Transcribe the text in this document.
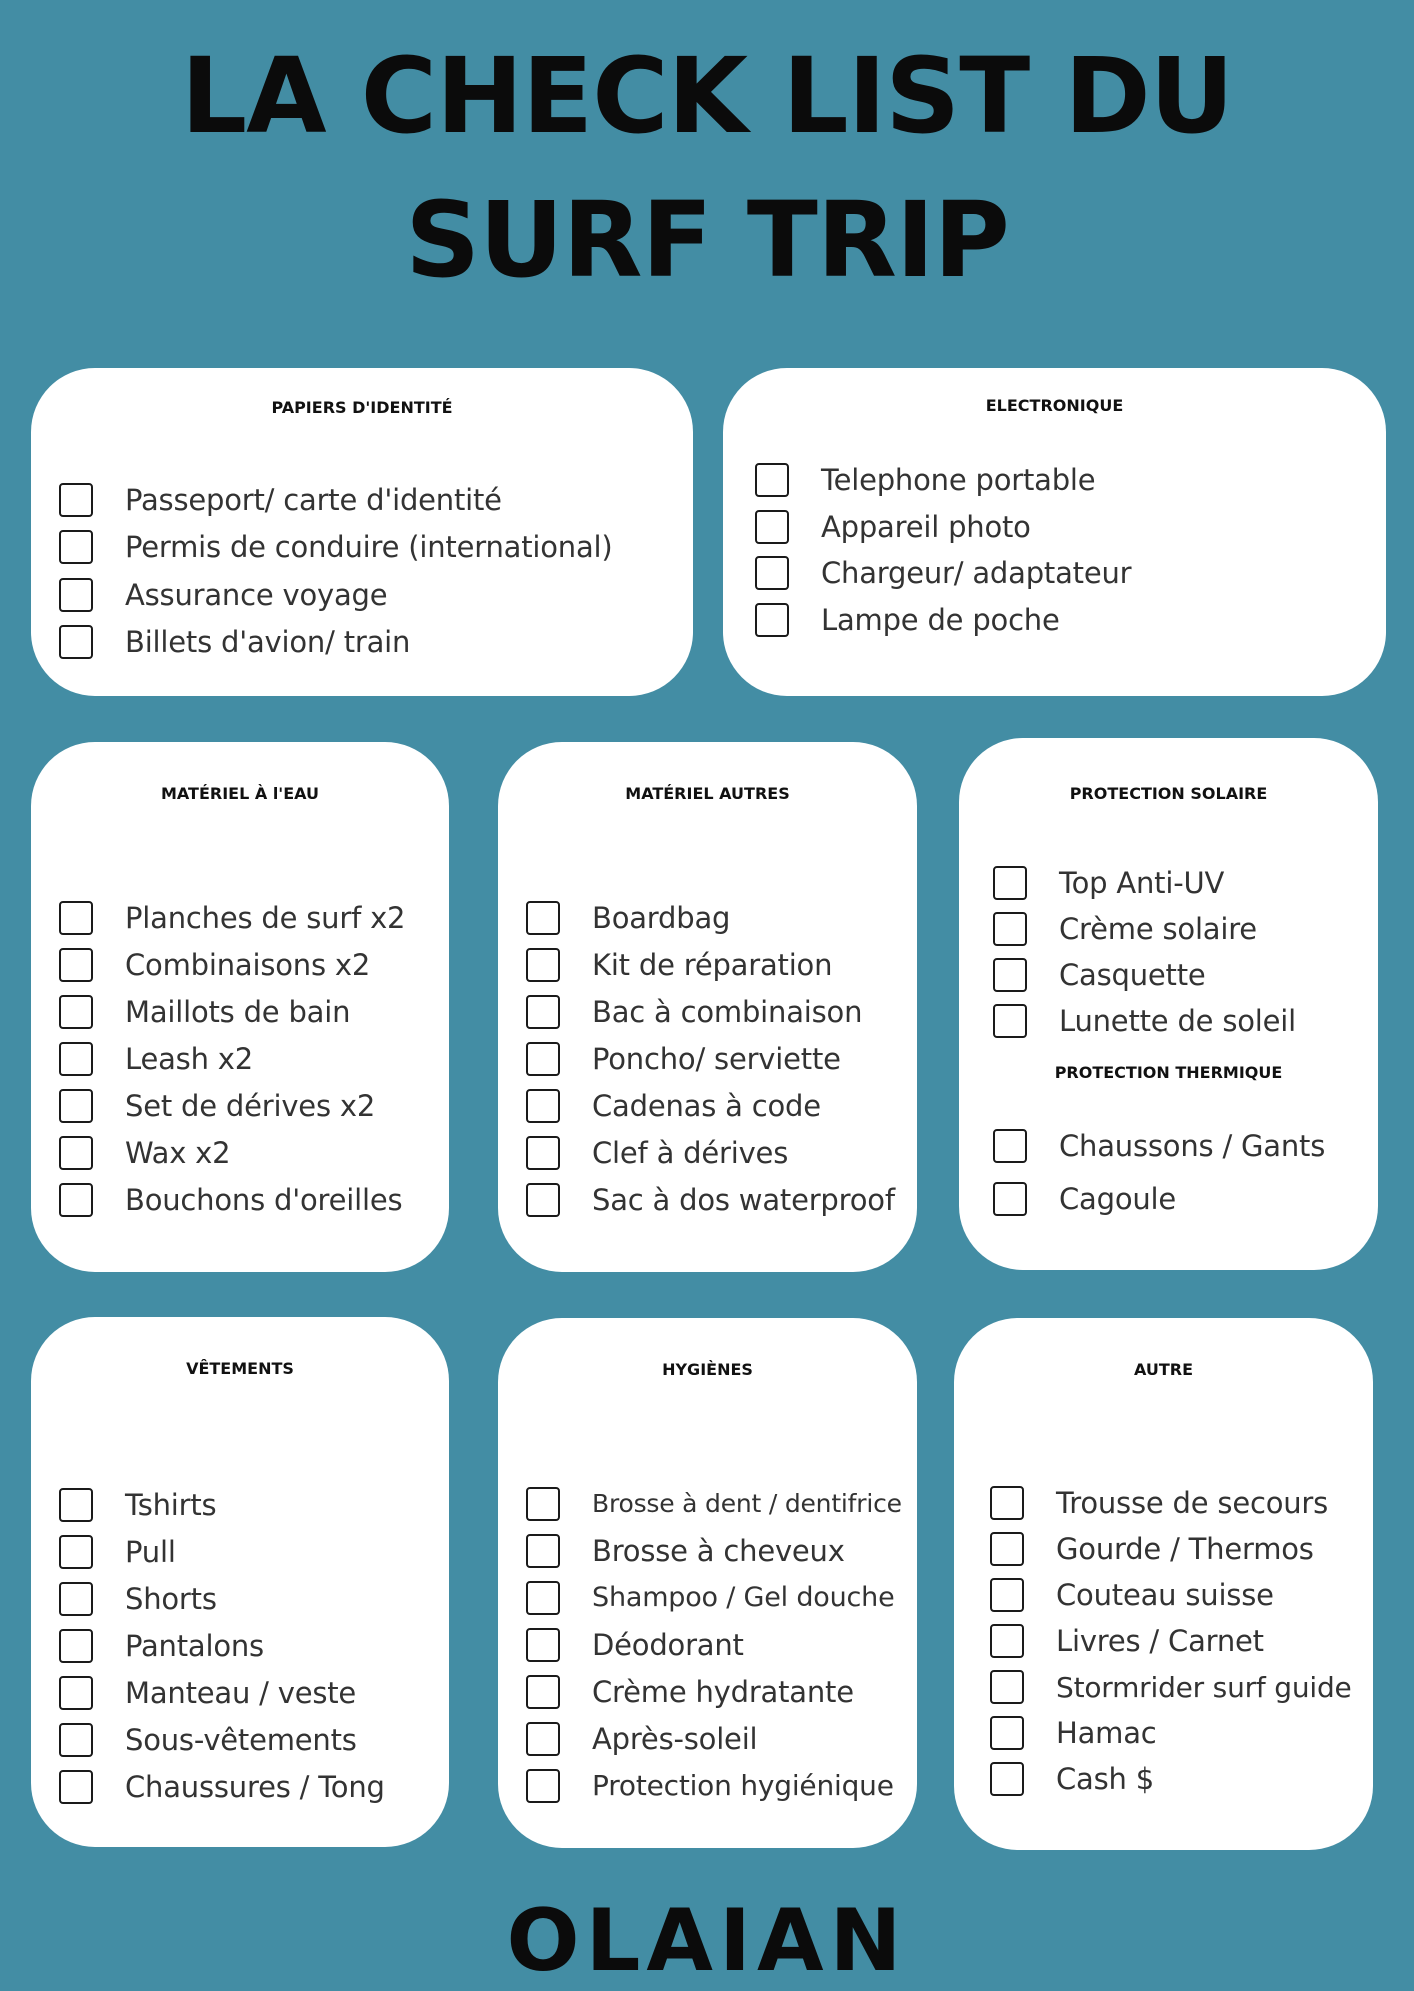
LA CHECK LIST DU
SURF TRIP
PAPIERS D'IDENTITÉ
Passeport/ carte d'identité
Permis de conduire (international)
Assurance voyage
Billets d'avion/ train
ELECTRONIQUE
Telephone portable
Appareil photo
Chargeur/ adaptateur
Lampe de poche
MATÉRIEL À l'EAU
Planches de surf x2
Combinaisons x2
Maillots de bain
Leash x2
Set de dérives x2
Wax x2
Bouchons d'oreilles
MATÉRIEL AUTRES
Boardbag
Kit de réparation
Bac à combinaison
Poncho/ serviette
Cadenas à code
Clef à dérives
Sac à dos waterproof
PROTECTION SOLAIRE
Top Anti-UV
Crème solaire
Casquette
Lunette de soleil
PROTECTION THERMIQUE
Chaussons / Gants
Cagoule
VÊTEMENTS
Tshirts
Pull
Shorts
Pantalons
Manteau / veste
Sous-vêtements
Chaussures / Tong
HYGIÈNES
Brosse à dent / dentifrice
Brosse à cheveux
Shampoo / Gel douche
Déodorant
Crème hydratante
Après-soleil
Protection hygiénique
AUTRE
Trousse de secours
Gourde / Thermos
Couteau suisse
Livres / Carnet
Stormrider surf guide
Hamac
Cash $
OLAIAN
